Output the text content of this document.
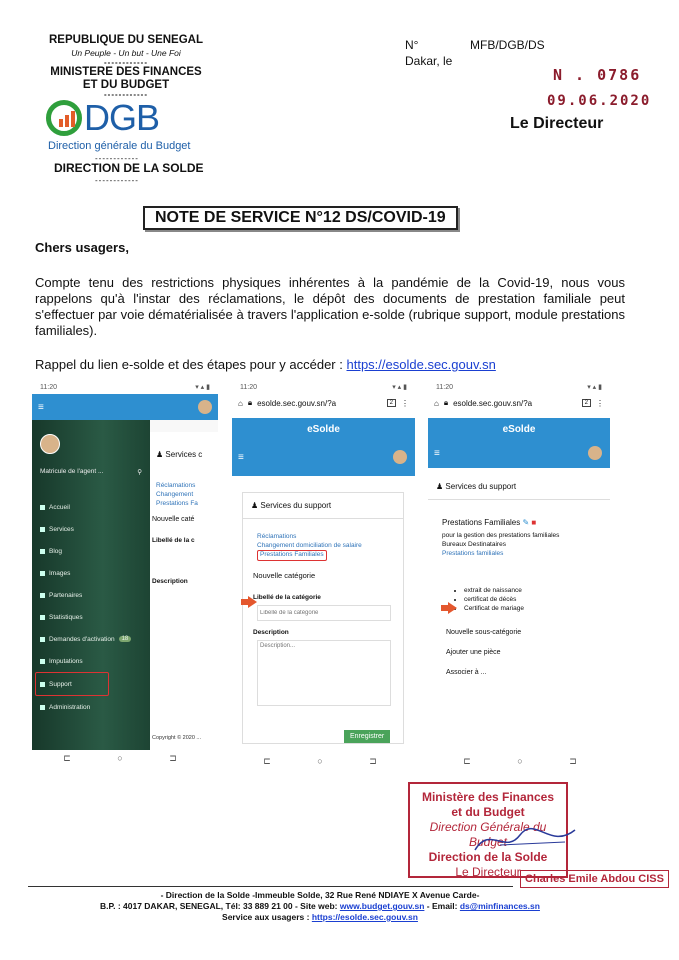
REPUBLIQUE DU SENEGAL
Un Peuple - Un but - Une Foi
------------
MINISTERE DES FINANCES
ET DU BUDGET
------------
DGB
Direction générale du Budget
------------
DIRECTION DE LA SOLDE
------------
N°	MFB/DGB/DS
Dakar, le
N . 0786
09.06.2020
Le Directeur
NOTE DE SERVICE N°12 DS/COVID-19
Chers usagers,
Compte tenu des restrictions physiques inhérentes à la pandémie de la Covid-19, nous vous rappelons qu'à l'instar des réclamations, le dépôt des documents de prestation familiale peut s'effectuer par voie dématérialisée à travers l'application e-solde (rubrique support, module prestations familiales).
Rappel du lien e-solde et des étapes pour y accéder : https://esolde.sec.gouv.sn
11:20	▾ ▴ ▮
≡
Matricule de l'agent ...	⚲
Accueil
Services
Blog
Images
Partenaires
Statistiques
Demandes d'activation	18
Imputations
Support
Administration
♟ Services c
Réclamations
Changement
Prestations Fa
Nouvelle caté
Libellé de la c
Description
Copyright © 2020 ...
⊏	○	⊐
11:20	▾ ▴ ▮
⌂ 🔒︎ esolde.sec.gouv.sn/?a	2	⋮
eSolde
≡
♟ Services du support
Réclamations
Changement domiciliation de salaire
Prestations Familiales
Nouvelle catégorie
Libellé de la catégorie
Libellé de la catégorie
Description
Description...
Enregistrer
⊏	○	⊐
11:20	▾ ▴ ▮
⌂ 🔒︎ esolde.sec.gouv.sn/?a	2	⋮
eSolde
≡
♟ Services du support
Prestations Familiales ✎ ■
pour la gestion des prestations familiales
Bureaux Destinataires
Prestations familiales
• extrait de naissance
• certificat de décès
• Certificat de mariage
Nouvelle sous-catégorie
Ajouter une pièce
Associer à ...
⊏	○	⊐
Ministère des Finances
et du Budget
Direction Générale du Budget
Direction de la Solde
Le Directeur Charles Emile Abdou CISS
- Direction de la Solde -Immeuble Solde, 32 Rue René NDIAYE X Avenue Carde-
B.P. : 4017 DAKAR, SENEGAL, Tél: 33 889 21 00 - Site web: www.budget.gouv.sn - Email: ds@minfinances.sn
Service aux usagers : https://esolde.sec.gouv.sn
